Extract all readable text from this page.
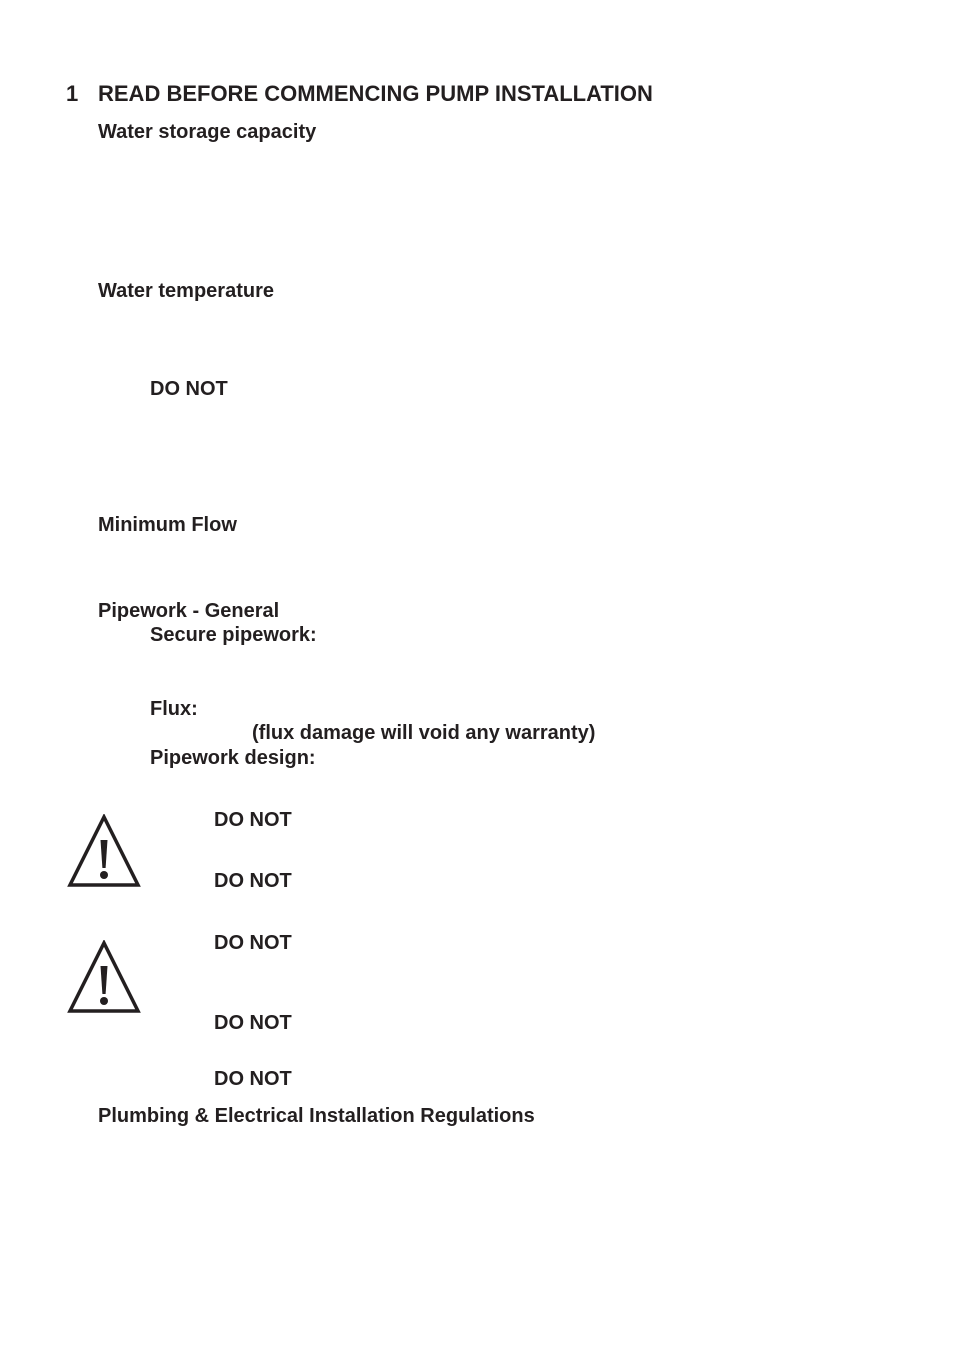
1 READ BEFORE COMMENCING PUMP INSTALLATION
Water storage capacity
Water temperature
DO NOT
Minimum Flow
Pipework - General
Secure pipework:
Flux:
(flux damage will void any warranty)
Pipework design:
DO NOT
DO NOT
DO NOT
DO NOT
DO NOT
Plumbing & Electrical Installation Regulations
